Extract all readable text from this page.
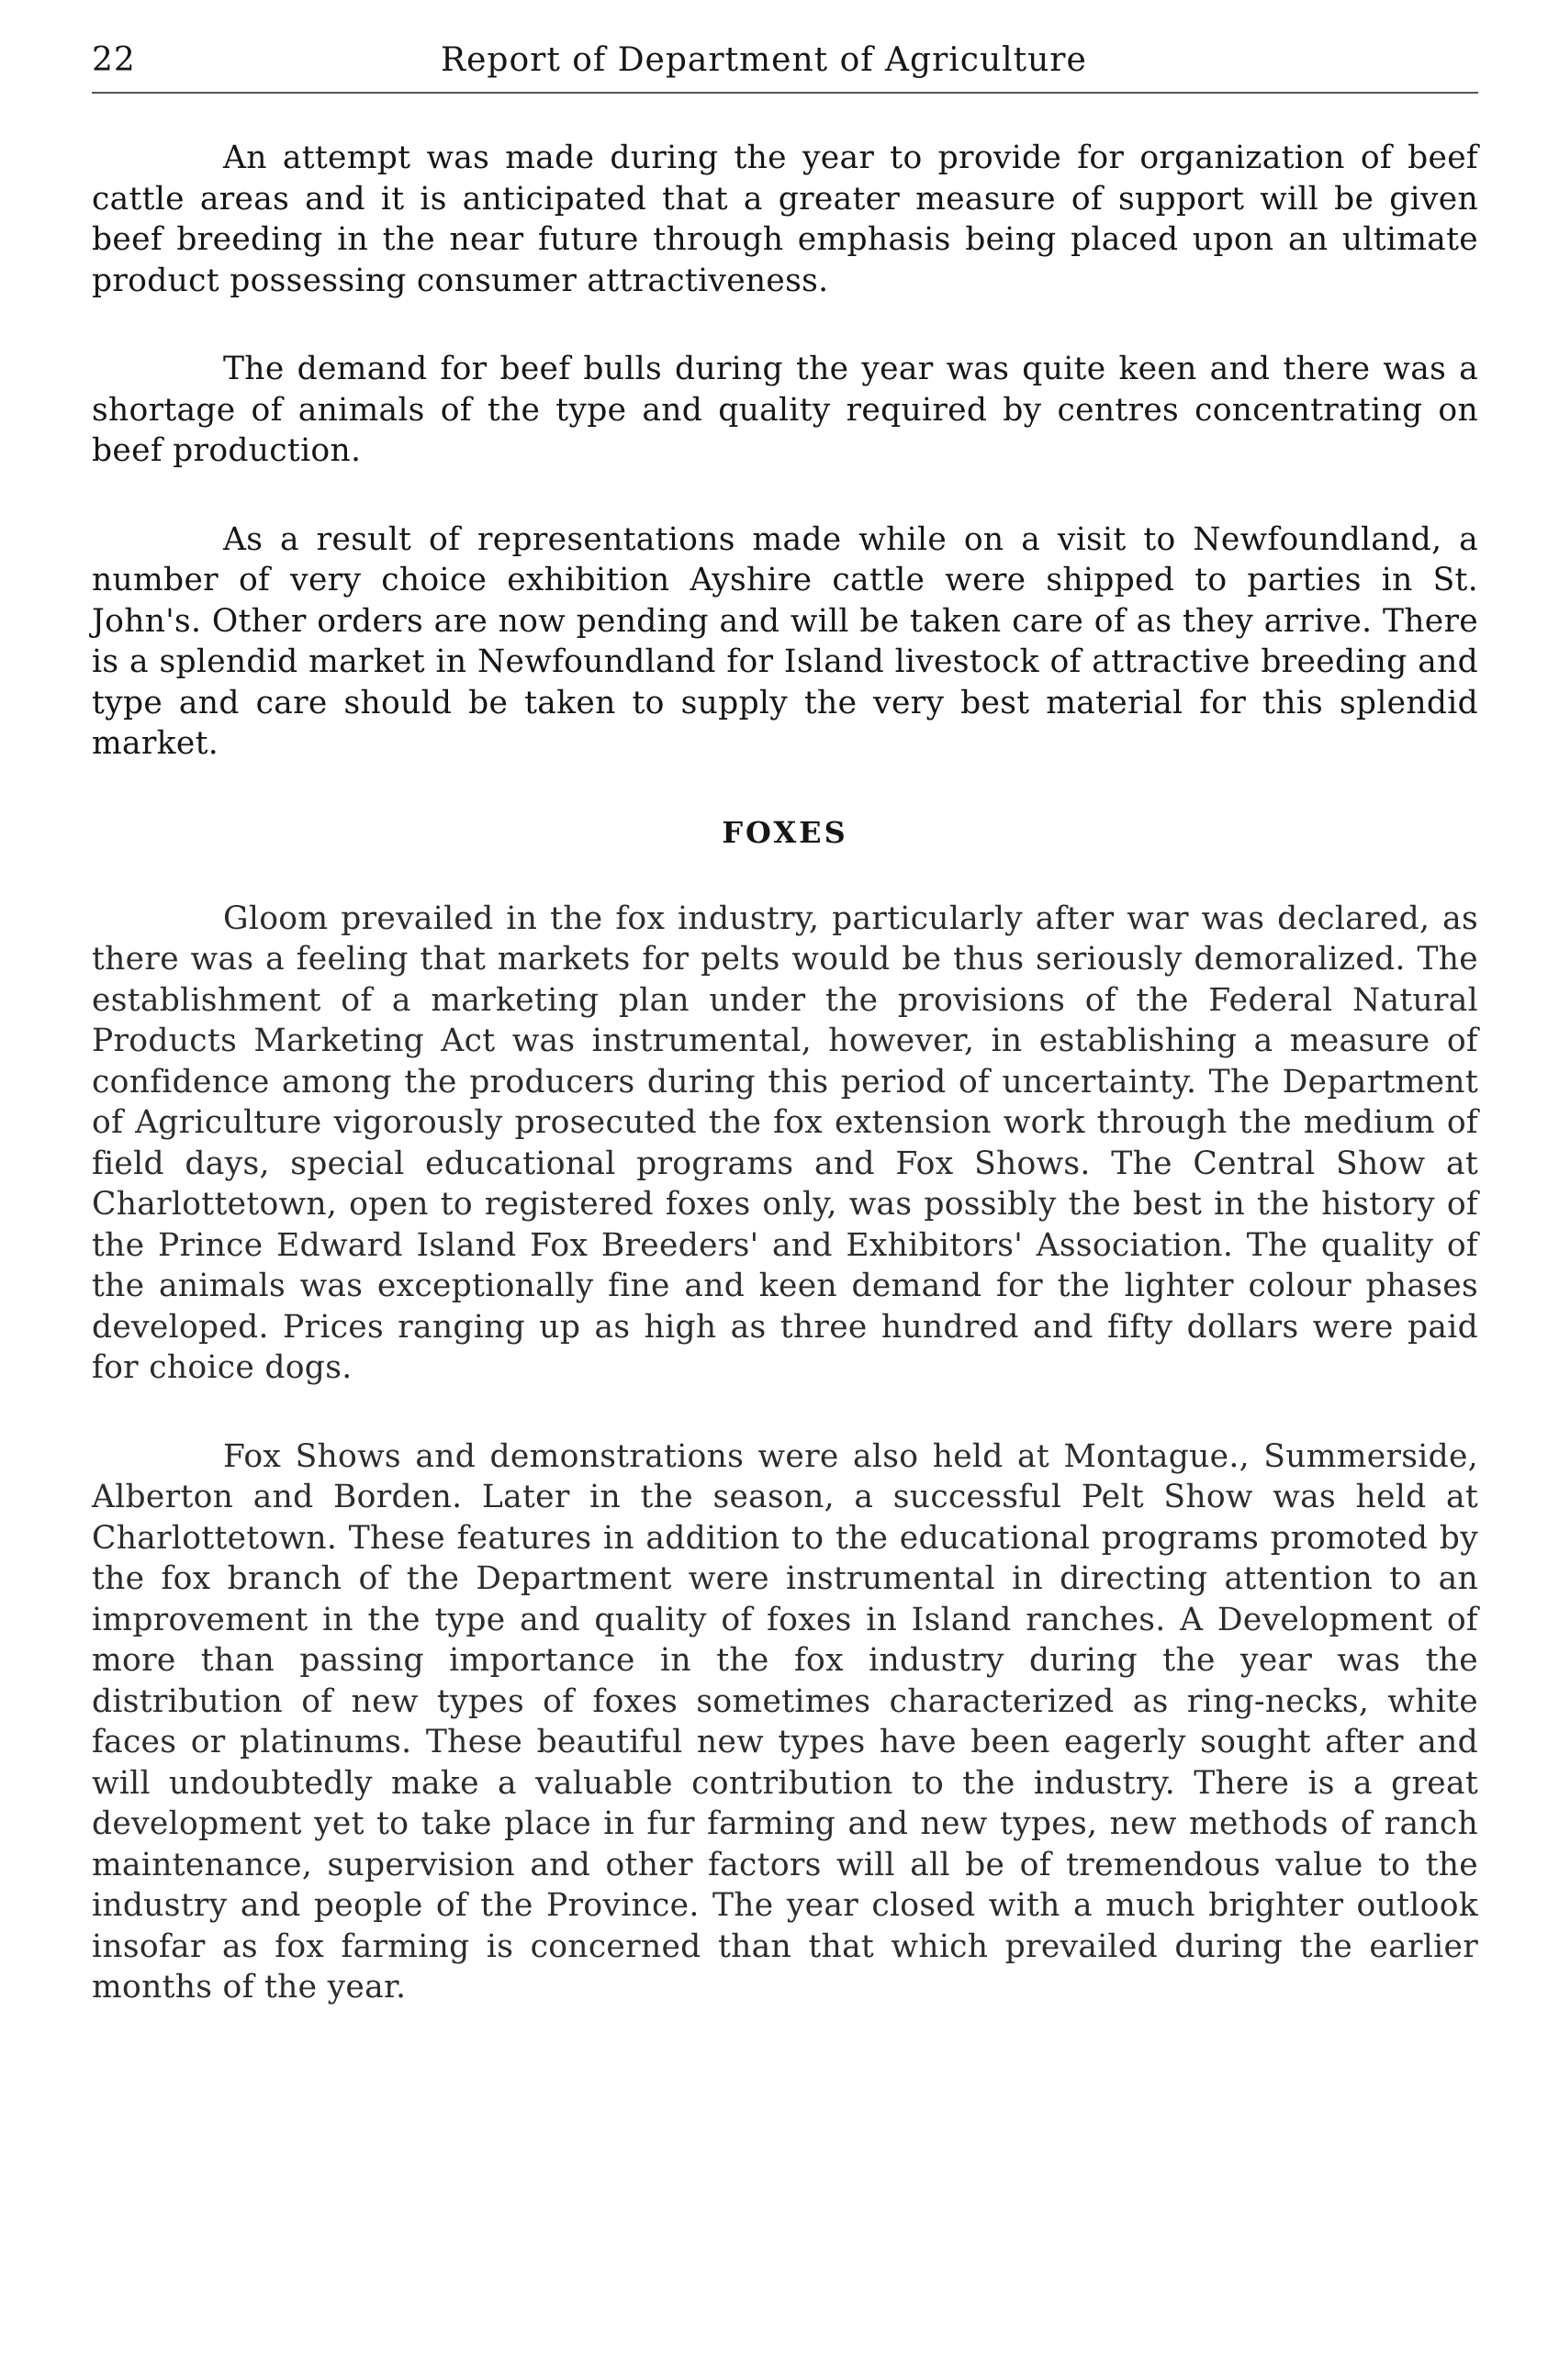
22	Report of Department of Agriculture

An attempt was made during the year to provide for organization of beef cattle areas and it is anticipated that a greater measure of support will be given beef breeding in the near future through emphasis being placed upon an ultimate product possessing consumer attractiveness.

The demand for beef bulls during the year was quite keen and there was a shortage of animals of the type and quality required by centres concentrating on beef production.

As a result of representations made while on a visit to Newfoundland, a number of very choice exhibition Ayshire cattle were shipped to parties in St. John's. Other orders are now pending and will be taken care of as they arrive. There is a splendid market in Newfoundland for Island livestock of attractive breeding and type and care should be taken to supply the very best material for this splendid market.

FOXES

Gloom prevailed in the fox industry, particularly after war was declared, as there was a feeling that markets for pelts would be thus seriously demoralized. The establishment of a marketing plan under the provisions of the Federal Natural Products Marketing Act was instrumental, however, in establishing a measure of confidence among the producers during this period of uncertainty. The Department of Agriculture vigorously prosecuted the fox extension work through the medium of field days, special educational programs and Fox Shows. The Central Show at Charlottetown, open to registered foxes only, was possibly the best in the history of the Prince Edward Island Fox Breeders' and Exhibitors' Association. The quality of the animals was exceptionally fine and keen demand for the lighter colour phases developed. Prices ranging up as high as three hundred and fifty dollars were paid for choice dogs.

Fox Shows and demonstrations were also held at Montague., Summerside, Alberton and Borden. Later in the season, a successful Pelt Show was held at Charlottetown. These features in addition to the educational programs promoted by the fox branch of the Department were instrumental in directing attention to an improvement in the type and quality of foxes in Island ranches. A Development of more than passing importance in the fox industry during the year was the distribution of new types of foxes sometimes characterized as ring-necks, white faces or platinums. These beautiful new types have been eagerly sought after and will undoubtedly make a valuable contribution to the industry. There is a great development yet to take place in fur farming and new types, new methods of ranch maintenance, supervision and other factors will all be of tremendous value to the industry and people of the Province. The year closed with a much brighter outlook insofar as fox farming is concerned than that which prevailed during the earlier months of the year.
